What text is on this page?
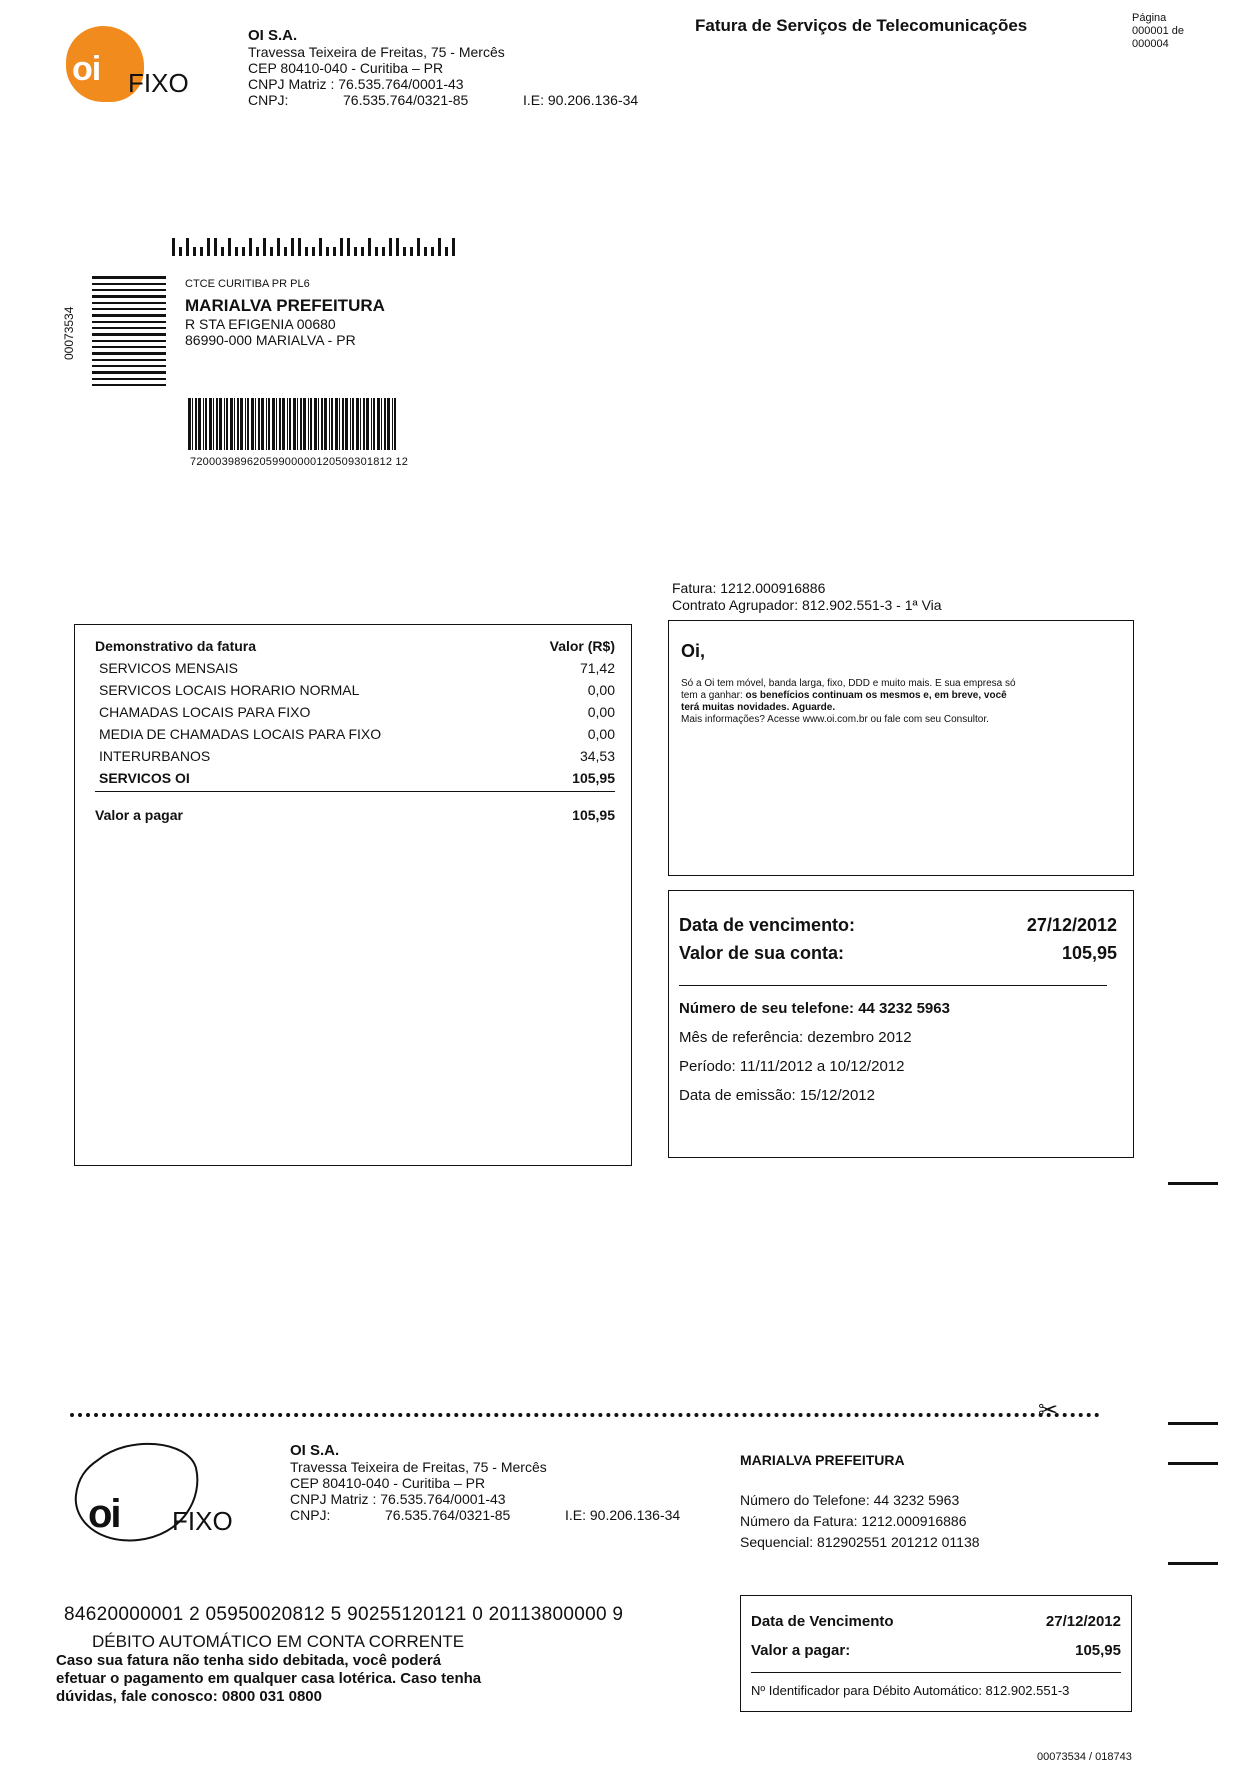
oi FIXO
OI S.A.
Travessa Teixeira de Freitas, 75 - Mercês
CEP 80410-040 - Curitiba – PR
CNPJ Matriz : 76.535.764/0001-43
CNPJ:	76.535.764/0321-85	I.E: 90.206.136-34
Fatura de Serviços de Telecomunicações	Página
000001 de
000004
00073534
CTCE CURITIBA PR PL6
MARIALVA PREFEITURA
R STA EFIGENIA 00680
86990-000 MARIALVA - PR
72000398962059900000120509301812 12
Fatura: 1212.000916886
Contrato Agrupador: 812.902.551-3 - 1ª Via
Demonstrativo da fatura	Valor (R$)
SERVICOS MENSAIS	71,42
SERVICOS LOCAIS HORARIO NORMAL	0,00
CHAMADAS LOCAIS PARA FIXO	0,00
MEDIA DE CHAMADAS LOCAIS PARA FIXO	0,00
INTERURBANOS	34,53
SERVICOS OI	105,95
Valor a pagar	105,95
Oi,
Só a Oi tem móvel, banda larga, fixo, DDD e muito mais. E sua empresa só
tem a ganhar: os benefícios continuam os mesmos e, em breve, você
terá muitas novidades. Aguarde.
Mais informações? Acesse www.oi.com.br ou fale com seu Consultor.
Data de vencimento:	27/12/2012
Valor de sua conta:	105,95
Número de seu telefone: 44 3232 5963
Mês de referência: dezembro 2012
Período: 11/11/2012 a 10/12/2012
Data de emissão: 15/12/2012
✂
oi FIXO
OI S.A.
Travessa Teixeira de Freitas, 75 - Mercês
CEP 80410-040 - Curitiba – PR
CNPJ Matriz : 76.535.764/0001-43
CNPJ:	76.535.764/0321-85	I.E: 90.206.136-34
MARIALVA PREFEITURA
Número do Telefone: 44 3232 5963
Número da Fatura: 1212.000916886
Sequencial: 812902551 201212 01138
84620000001 2 05950020812 5 90255120121 0 20113800000 9
DÉBITO AUTOMÁTICO EM CONTA CORRENTE
Caso sua fatura não tenha sido debitada, você poderá
efetuar o pagamento em qualquer casa lotérica. Caso tenha
dúvidas, fale conosco: 0800 031 0800
Data de Vencimento	27/12/2012
Valor a pagar:	105,95
Nº Identificador para Débito Automático: 812.902.551-3
00073534 / 018743
